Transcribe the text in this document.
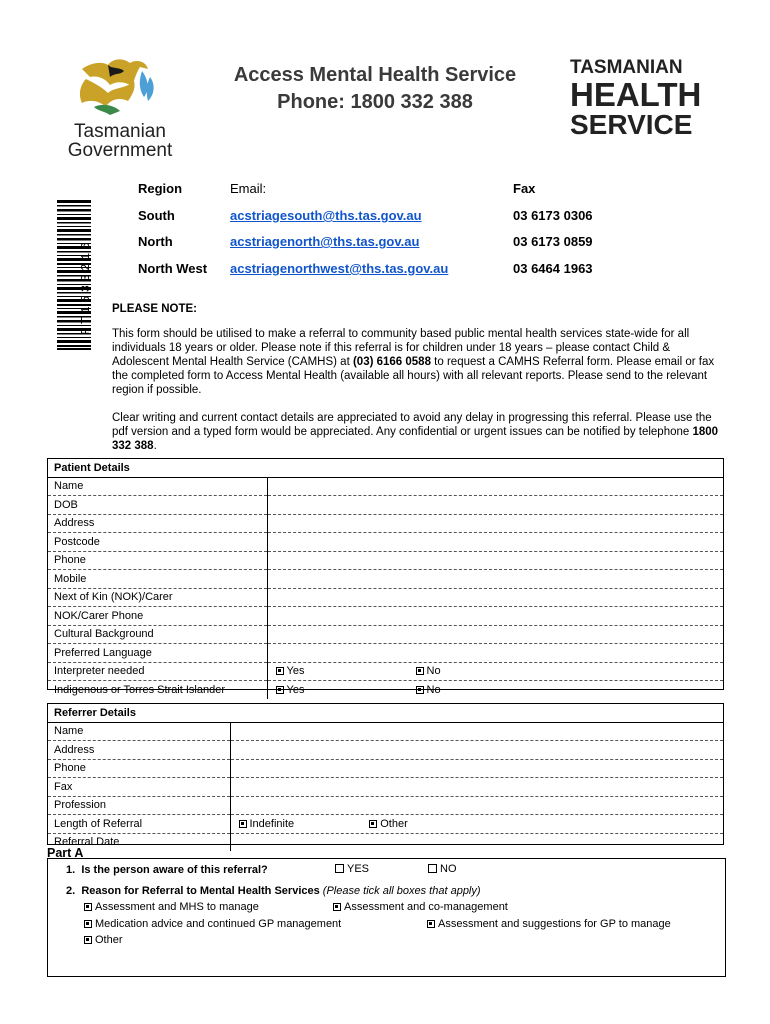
Tasmanian
Government
Access Mental Health Service
Phone: 1800 332 388
TASMANIAN
HEALTH
SERVICE
FT1533216
Region	Email:	Fax
South	acstriagesouth@ths.tas.gov.au	03 6173 0306
North	acstriagenorth@ths.tas.gov.au	03 6173 0859
North West acstriagenorthwest@ths.tas.gov.au	03 6464 1963
PLEASE NOTE:
This form should be utilised to make a referral to community based public mental health services state-wide for all individuals 18 years or older. Please note if this referral is for children under 18 years – please contact Child & Adolescent Mental Health Service (CAMHS) at (03) 6166 0588 to request a CAMHS Referral form. Please email or fax the completed form to Access Mental Health (available all hours) with all relevant reports. Please send to the relevant region if possible.
Clear writing and current contact details are appreciated to avoid any delay in progressing this referral. Please use the pdf version and a typed form would be appreciated. Any confidential or urgent issues can be notified by telephone 1800 332 388.
Patient Details	
Name	
DOB	
Address	
Postcode	
Phone	
Mobile	
Next of Kin (NOK)/Carer	
NOK/Carer Phone	
Cultural Background	
Preferred Language	
Interpreter needed	Yes No
Indigenous or Torres Strait Islander	Yes No
Referrer Details	
Name	
Address	
Phone	
Fax	
Profession	
Length of Referral	Indefinite Other
Referral Date	
Part A
1. Is the person aware of this referral?	YES	NO
2. Reason for Referral to Mental Health Services (Please tick all boxes that apply)
Assessment and MHS to manage	Assessment and co-management
Medication advice and continued GP management	Assessment and suggestions for GP to manage
Other
